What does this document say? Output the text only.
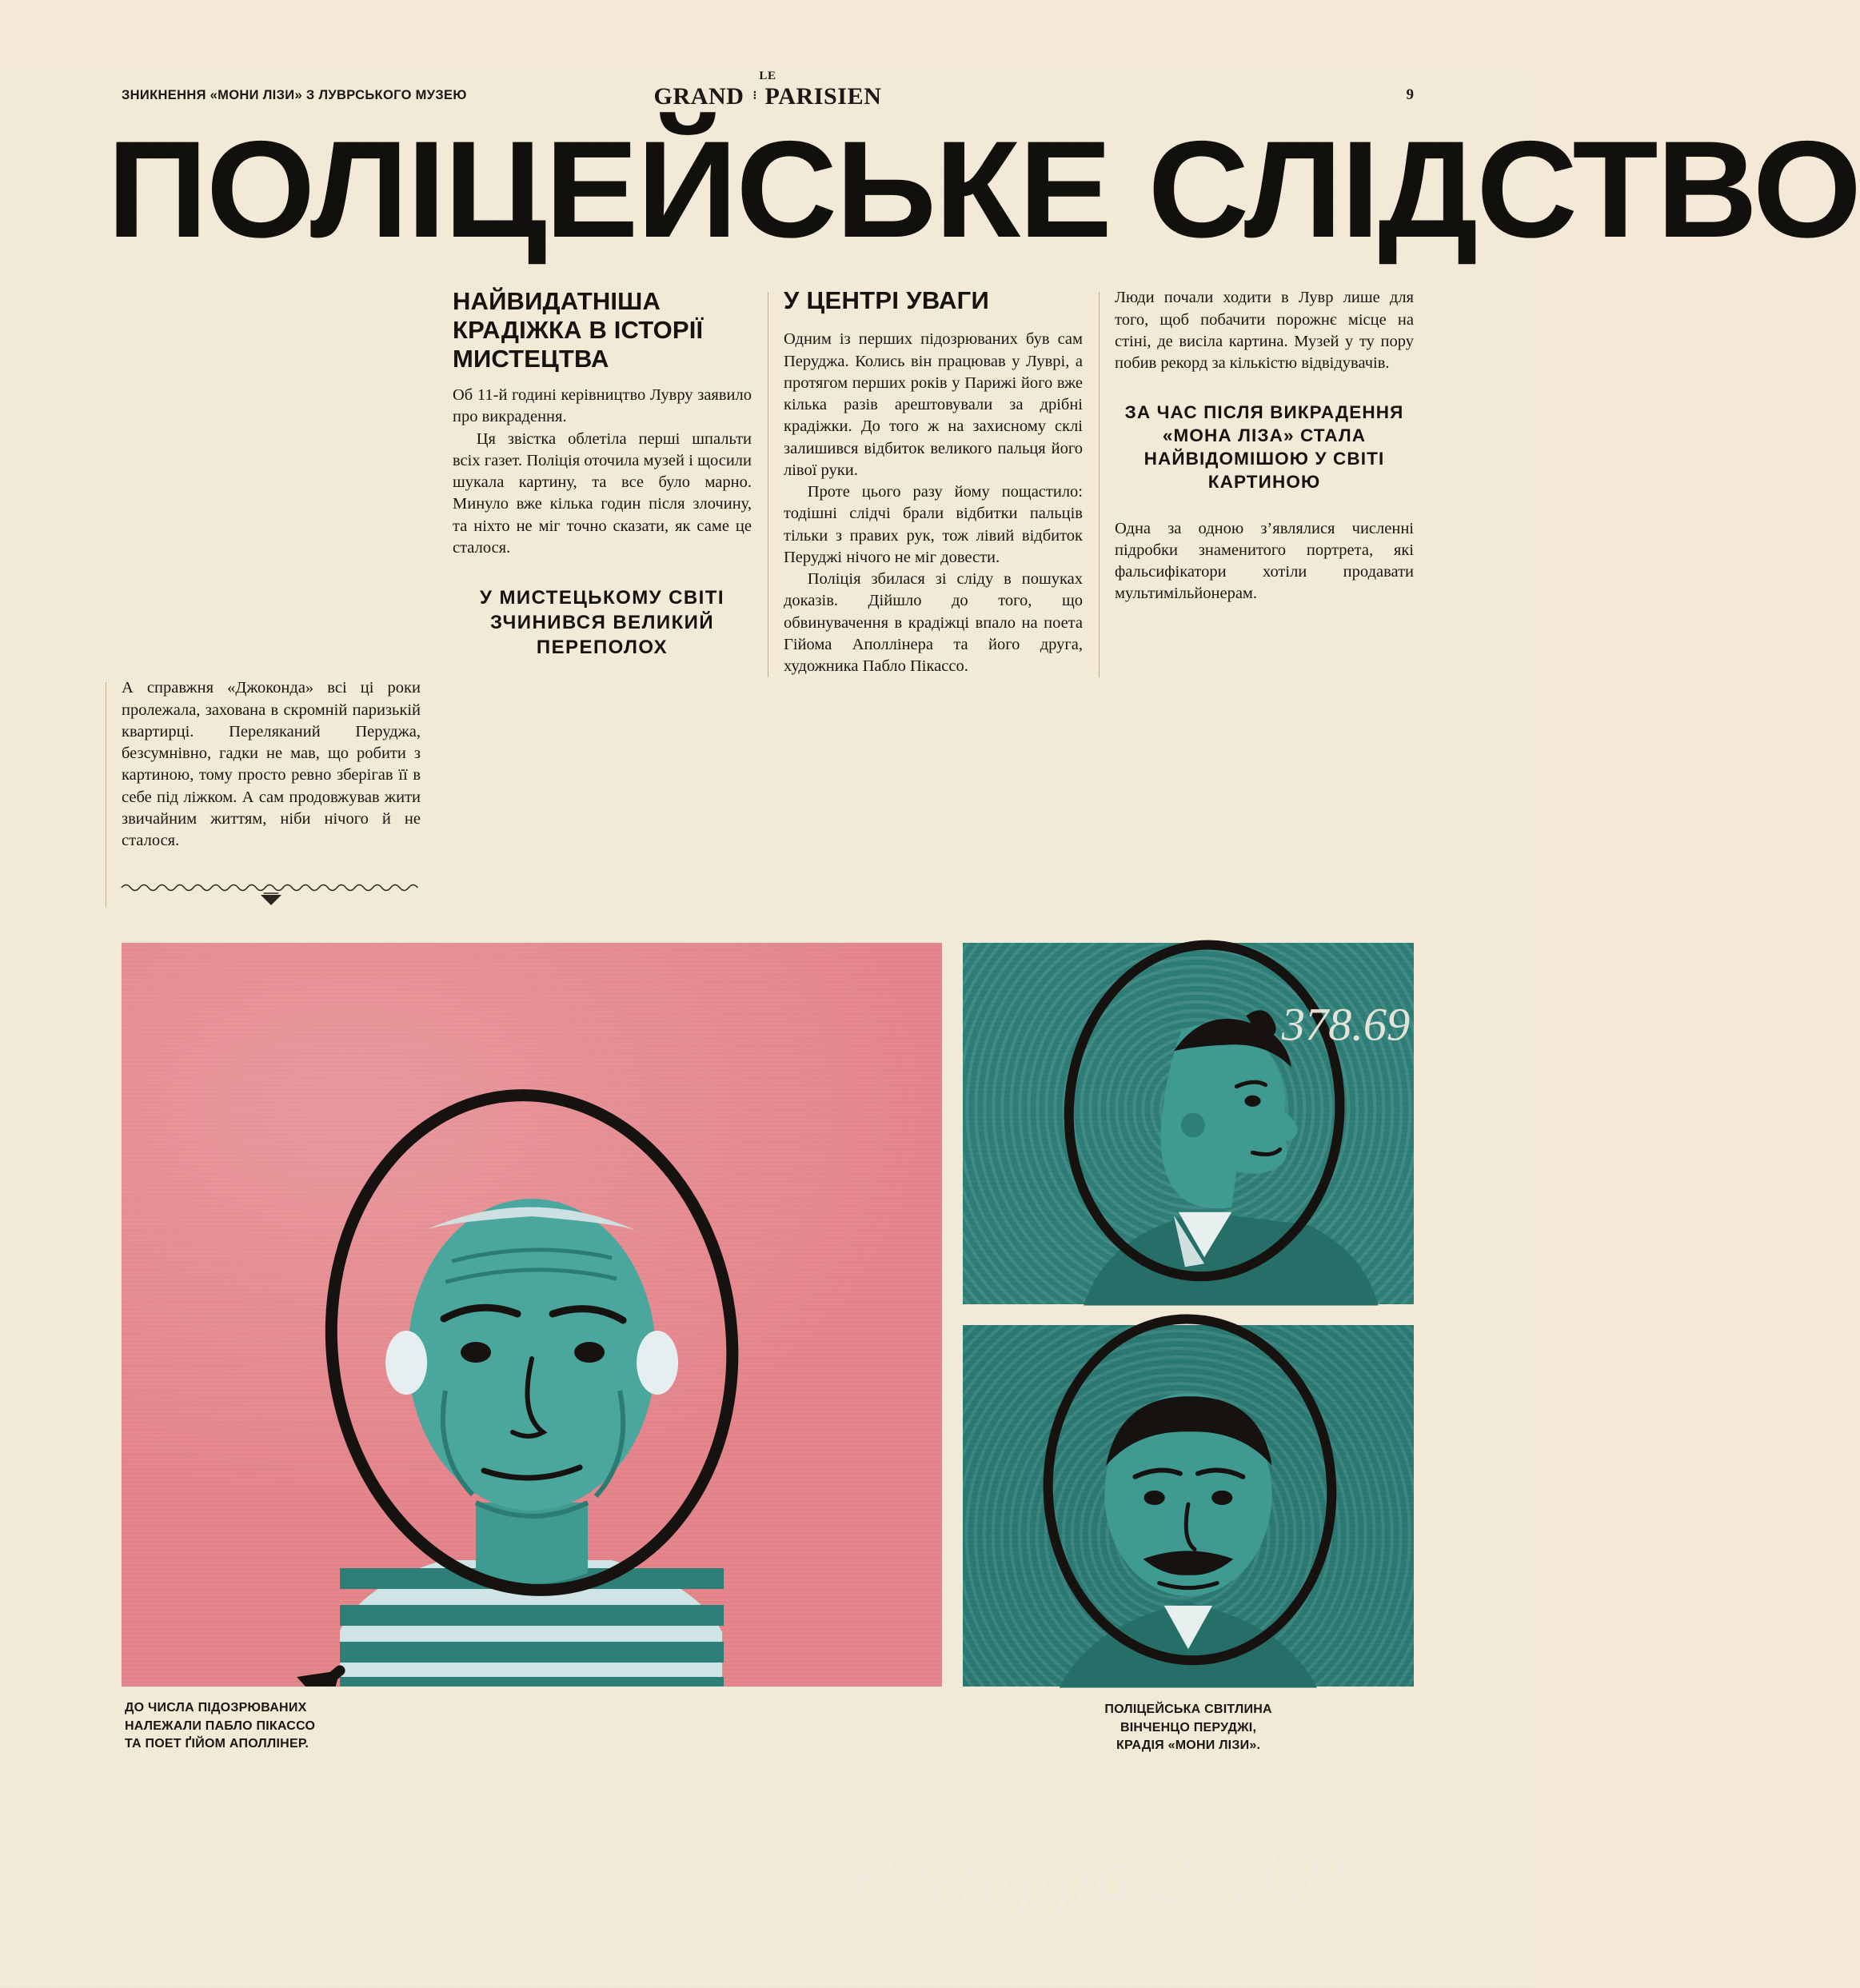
ЗНИКНЕННЯ «МОНИ ЛІЗИ» З ЛУВРСЬКОГО МУЗЕЮ
LE
GRAND ⁝ PARISIEN	9
ПОЛІЦЕЙСЬКЕ СЛІДСТВО
НАЙВИДАТНІША КРАДІЖКА В ІСТОРІЇ МИСТЕЦТВА

Об 11-й годині керівництво Лувру заявило про викрадення.

Ця звістка облетіла перші шпальти всіх газет. Поліція оточила музей і щосили шукала картину, та все було марно. Минуло вже кілька годин після злочину, та ніхто не міг точно сказати, як саме це сталося.

У МИСТЕЦЬКОМУ СВІТІ ЗЧИНИВСЯ ВЕЛИКИЙ ПЕРЕПОЛОХ
У ЦЕНТРІ УВАГИ

Одним із перших підозрюваних був сам Перуджа. Колись він працював у Луврі, а протягом перших років у Парижі його вже кілька разів арештовували за дрібні крадіжки. До того ж на захисному склі залишився відбиток великого пальця його лівої руки.

Проте цього разу йому пощастило: тодішні слідчі брали відбитки пальців тільки з правих рук, тож лівий відбиток Перуджі нічого не міг довести.

Поліція збилася зі сліду в пошуках доказів. Дійшло до того, що обвинувачення в крадіжці впало на поета Гійома Аполлінера та його друга, художника Пабло Пікассо.

Люди почали ходити в Лувр лише для того, щоб побачити порожнє місце на стіні, де висіла картина. Музей у ту пору побив рекорд за кількістю відвідувачів.

ЗА ЧАС ПІСЛЯ ВИКРАДЕННЯ «МОНА ЛІЗА» СТАЛА НАЙВІДОМІШОЮ У СВІТІ КАРТИНОЮ

Одна за одною з’являлися численні підробки знаменитого портрета, які фальсифікатори хотіли продавати мультимільйонерам.

А справжня «Джоконда» всі ці роки пролежала, захована в скромній паризькій квартирці. Переляканий Перуджа, безсумнівно, гадки не мав, що робити з картиною, тому просто ревно зберігав її в себе під ліжком. А сам продовжував жити звичайним життям, ніби нічого й не сталося.

ДО ЧИСЛА ПІДОЗРЮВАНИХ
НАЛЕЖАЛИ ПАБЛО ПІКАССО
ТА ПОЕТ ҐІЙОМ АПОЛЛІНЕР.
378.69
ПОЛІЦЕЙСЬКА СВІТЛИНА
ВІНЧЕНЦО ПЕРУДЖІ,
КРАДІЯ «МОНИ ЛІЗИ».
Peruggia 23.1.0
